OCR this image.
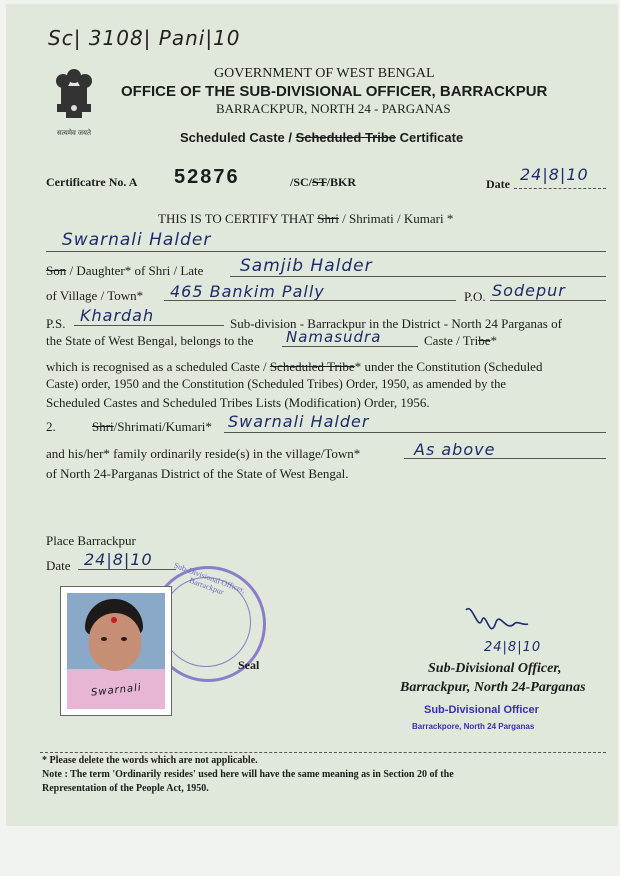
Sc| 3108| Pani|10
सत्यमेव जयते
GOVERNMENT OF WEST BENGAL
OFFICE OF THE SUB-DIVISIONAL OFFICER, BARRACKPUR
BARRACKPUR, NORTH 24 - PARGANAS
Scheduled Caste / Scheduled Tribe Certificate
Certificatre No. A 52876	/SC/ST/BKR	Date 24|8|10
THIS IS TO CERTIFY THAT Shri / Shrimati / Kumari *
Swarnali Halder
Son / Daughter* of Shri / Late Samjib Halder
of Village / Town* 465 Bankim Pally	P.O. Sodepur
P.S. Khardah	Sub-division - Barrackpur in the District - North 24 Parganas of
the State of West Bengal, belongs to the Namasudra	Caste / Tribe*
which is recognised as a scheduled Caste / Scheduled Tribe* under the Constitution (Scheduled
Caste) order, 1950 and the Constitution (Scheduled Tribes) Order, 1950, as amended by the
Scheduled Castes and Scheduled Tribes Lists (Modification) Order, 1956.
2.	Shri/Shrimati/Kumari* Swarnali Halder
and his/her* family ordinarily reside(s) in the village/Town*	As above
of North 24-Parganas District of the State of West Bengal.
Place Barrackpur
Date 24|8|10
Sub-Divisional Officer, Barrackpur
Seal
Swarnali
24|8|10
Sub-Divisional Officer,
Barrackpur, North 24-Parganas
Sub-Divisional Officer
Barrackpore, North 24 Parganas
* Please delete the words which are not applicable.
Note : The term 'Ordinarily resides' used here will have the same meaning as in Section 20 of the
Representation of the People Act, 1950.
